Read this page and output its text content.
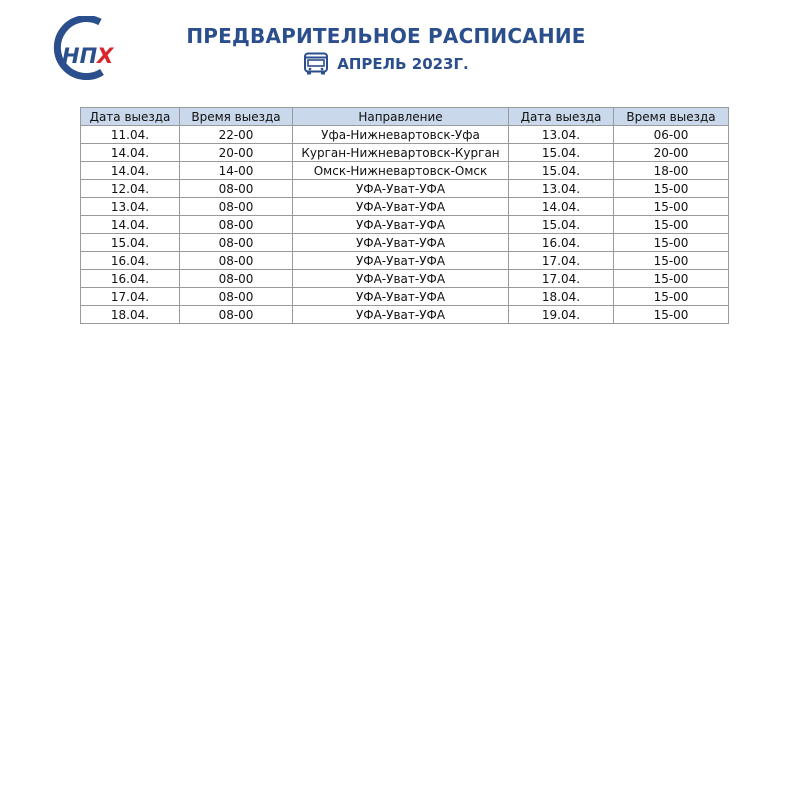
НПХ
ПРЕДВАРИТЕЛЬНОЕ РАСПИСАНИЕ
АПРЕЛЬ 2023Г.
Дата выезда	Время выезда	Направление	Дата выезда	Время выезда
11.04.	22-00	Уфа-Нижневартовск-Уфа	13.04.	06-00
14.04.	20-00	Курган-Нижневартовск-Курган	15.04.	20-00
14.04.	14-00	Омск-Нижневартовск-Омск	15.04.	18-00
12.04.	08-00	УФА-Уват-УФА	13.04.	15-00
13.04.	08-00	УФА-Уват-УФА	14.04.	15-00
14.04.	08-00	УФА-Уват-УФА	15.04.	15-00
15.04.	08-00	УФА-Уват-УФА	16.04.	15-00
16.04.	08-00	УФА-Уват-УФА	17.04.	15-00
16.04.	08-00	УФА-Уват-УФА	17.04.	15-00
17.04.	08-00	УФА-Уват-УФА	18.04.	15-00
18.04.	08-00	УФА-Уват-УФА	19.04.	15-00
